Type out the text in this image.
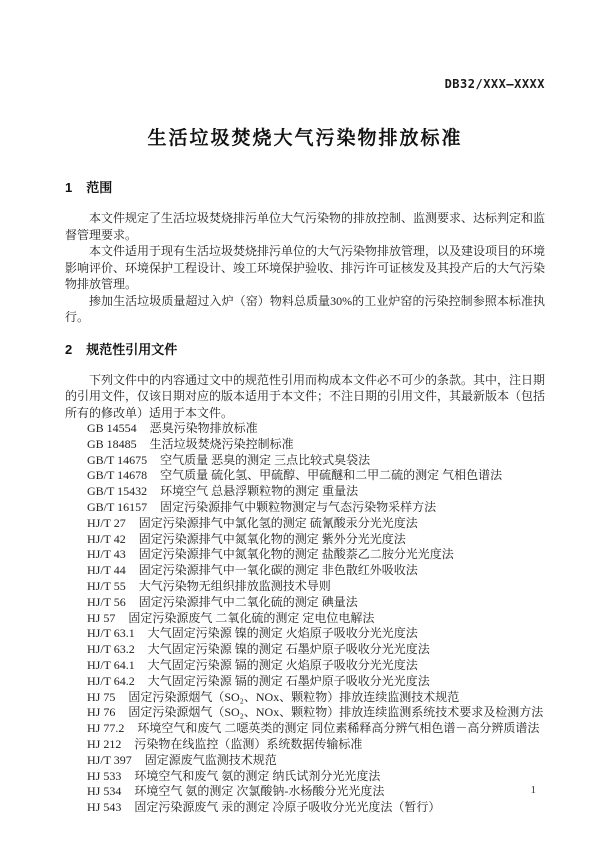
DB32/XXX—XXXX
生活垃圾焚烧大气污染物排放标准
1 范围

本文件规定了生活垃圾焚烧排污单位大气污染物的排放控制、监测要求、达标判定和监督管理要求。

本文件适用于现有生活垃圾焚烧排污单位的大气污染物排放管理，以及建设项目的环境影响评价、环境保护工程设计、竣工环境保护验收、排污许可证核发及其投产后的大气污染物排放管理。

掺加生活垃圾质量超过入炉（窑）物料总质量30%的工业炉窑的污染控制参照本标准执行。

2 规范性引用文件

下列文件中的内容通过文中的规范性引用而构成本文件必不可少的条款。其中，注日期的引用文件，仅该日期对应的版本适用于本文件；不注日期的引用文件，其最新版本（包括所有的修改单）适用于本文件。

GB 14554 恶臭污染物排放标准
GB 18485 生活垃圾焚烧污染控制标准
GB/T 14675 空气质量 恶臭的测定 三点比较式臭袋法
GB/T 14678 空气质量 硫化氢、甲硫醇、甲硫醚和二甲二硫的测定 气相色谱法
GB/T 15432 环境空气 总悬浮颗粒物的测定 重量法
GB/T 16157 固定污染源排气中颗粒物测定与气态污染物采样方法
HJ/T 27 固定污染源排气中氯化氢的测定 硫氰酸汞分光光度法
HJ/T 42 固定污染源排气中氮氧化物的测定 紫外分光光度法
HJ/T 43 固定污染源排气中氮氧化物的测定 盐酸萘乙二胺分光光度法
HJ/T 44 固定污染源排气中一氧化碳的测定 非色散红外吸收法
HJ/T 55 大气污染物无组织排放监测技术导则
HJ/T 56 固定污染源排气中二氧化硫的测定 碘量法
HJ 57 固定污染源废气 二氧化硫的测定 定电位电解法
HJ/T 63.1 大气固定污染源 镍的测定 火焰原子吸收分光光度法
HJ/T 63.2 大气固定污染源 镍的测定 石墨炉原子吸收分光光度法
HJ/T 64.1 大气固定污染源 镉的测定 火焰原子吸收分光光度法
HJ/T 64.2 大气固定污染源 镉的测定 石墨炉原子吸收分光光度法
HJ 75 固定污染源烟气（SO₂、NOx、颗粒物）排放连续监测技术规范
HJ 76 固定污染源烟气（SO₂、NOx、颗粒物）排放连续监测系统技术要求及检测方法
HJ 77.2 环境空气和废气 二噁英类的测定 同位素稀释高分辨气相色谱－高分辨质谱法
HJ 212 污染物在线监控（监测）系统数据传输标准
HJ/T 397 固定源废气监测技术规范
HJ 533 环境空气和废气 氨的测定 纳氏试剂分光光度法
HJ 534 环境空气 氨的测定 次氯酸钠-水杨酸分光光度法
HJ 543 固定污染源废气 汞的测定 冷原子吸收分光光度法（暂行）
1
